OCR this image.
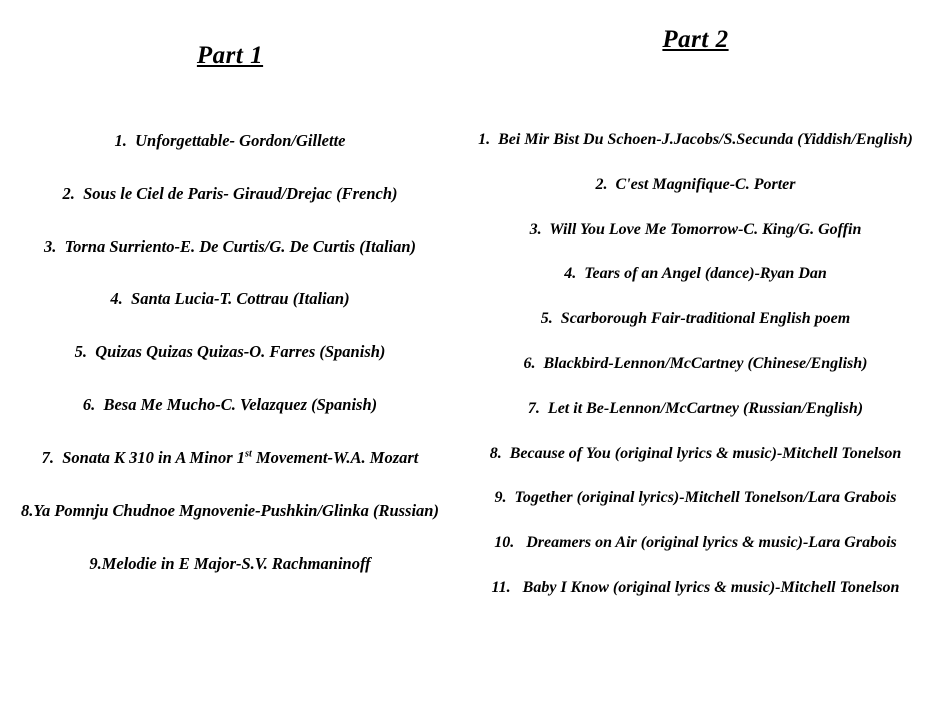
Part 1
1. Unforgettable- Gordon/Gillette
2. Sous le Ciel de Paris- Giraud/Drejac (French)
3. Torna Surriento-E. De Curtis/G. De Curtis (Italian)
4. Santa Lucia-T. Cottrau (Italian)
5. Quizas Quizas Quizas-O. Farres (Spanish)
6. Besa Me Mucho-C. Velazquez (Spanish)
7. Sonata K 310 in A Minor 1st Movement-W.A. Mozart
8.Ya Pomnju Chudnoe Mgnovenie-Pushkin/Glinka (Russian)
9.Melodie in E Major-S.V. Rachmaninoff
Part 2
1. Bei Mir Bist Du Schoen-J.Jacobs/S.Secunda (Yiddish/English)
2. C'est Magnifique-C. Porter
3. Will You Love Me Tomorrow-C. King/G. Goffin
4. Tears of an Angel (dance)-Ryan Dan
5. Scarborough Fair-traditional English poem
6. Blackbird-Lennon/McCartney (Chinese/English)
7. Let it Be-Lennon/McCartney (Russian/English)
8. Because of You (original lyrics & music)-Mitchell Tonelson
9. Together (original lyrics)-Mitchell Tonelson/Lara Grabois
10. Dreamers on Air (original lyrics & music)-Lara Grabois
11. Baby I Know (original lyrics & music)-Mitchell Tonelson
